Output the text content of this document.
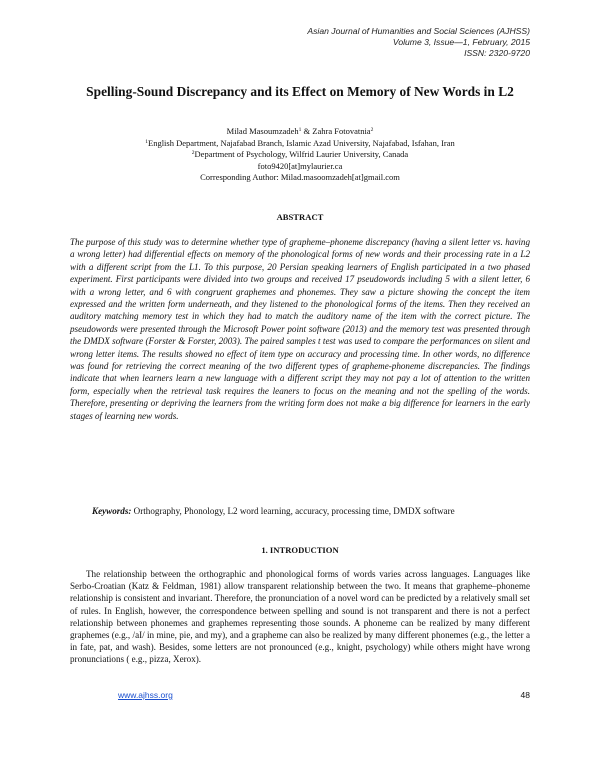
Asian Journal of Humanities and Social Sciences (AJHSS)
Volume 3, Issue—1, February, 2015
ISSN: 2320-9720
Spelling-Sound Discrepancy and its Effect on Memory of New Words in L2
Milad Masoumzadeh$^1$ & Zahra Fotovatnia$^2$
$^1$English Department, Najafabad Branch, Islamic Azad University, Najafabad, Isfahan, Iran
$^2$Department of Psychology, Wilfrid Laurier University, Canada
foto9420[at]mylaurier.ca
Corresponding Author: Milad.masoomzadeh[at]gmail.com
ABSTRACT

The purpose of this study was to determine whether type of grapheme–phoneme discrepancy (having a silent letter vs. having a wrong letter) had differential effects on memory of the phonological forms of new words and their processing rate in a L2 with a different script from the L1. To this purpose, 20 Persian speaking learners of English participated in a two phased experiment. First participants were divided into two groups and received 17 pseudowords including 5 with a silent letter, 6 with a wrong letter, and 6 with congruent graphemes and phonemes. They saw a picture showing the concept the item expressed and the written form underneath, and they listened to the phonological forms of the items. Then they received an auditory matching memory test in which they had to match the auditory name of the item with the correct picture. The pseudowords were presented through the Microsoft Power point software (2013) and the memory test was presented through the DMDX software (Forster & Forster, 2003). The paired samples t test was used to compare the performances on silent and wrong letter items. The results showed no effect of item type on accuracy and processing time. In other words, no difference was found for retrieving the correct meaning of the two different types of grapheme-phoneme discrepancies. The findings indicate that when learners learn a new language with a different script they may not pay a lot of attention to the written form, especially when the retrieval task requires the leaners to focus on the meaning and not the spelling of the words. Therefore, presenting or depriving the learners from the writing form does not make a big difference for learners in the early stages of learning new words.

Keywords: Orthography, Phonology, L2 word learning, accuracy, processing time, DMDX software

1. INTRODUCTION

The relationship between the orthographic and phonological forms of words varies across languages. Languages like Serbo-Croatian (Katz & Feldman, 1981) allow transparent relationship between the two. It means that grapheme–phoneme relationship is consistent and invariant. Therefore, the pronunciation of a novel word can be predicted by a relatively small set of rules. In English, however, the correspondence between spelling and sound is not transparent and there is not a perfect relationship between phonemes and graphemes representing those sounds. A phoneme can be realized by many different graphemes (e.g., /aI/ in mine, pie, and my), and a grapheme can also be realized by many different phonemes (e.g., the letter a in fate, pat, and wash). Besides, some letters are not pronounced (e.g., knight, psychology) while others might have wrong pronunciations ( e.g., pizza, Xerox).

www.ajhss.org	48
